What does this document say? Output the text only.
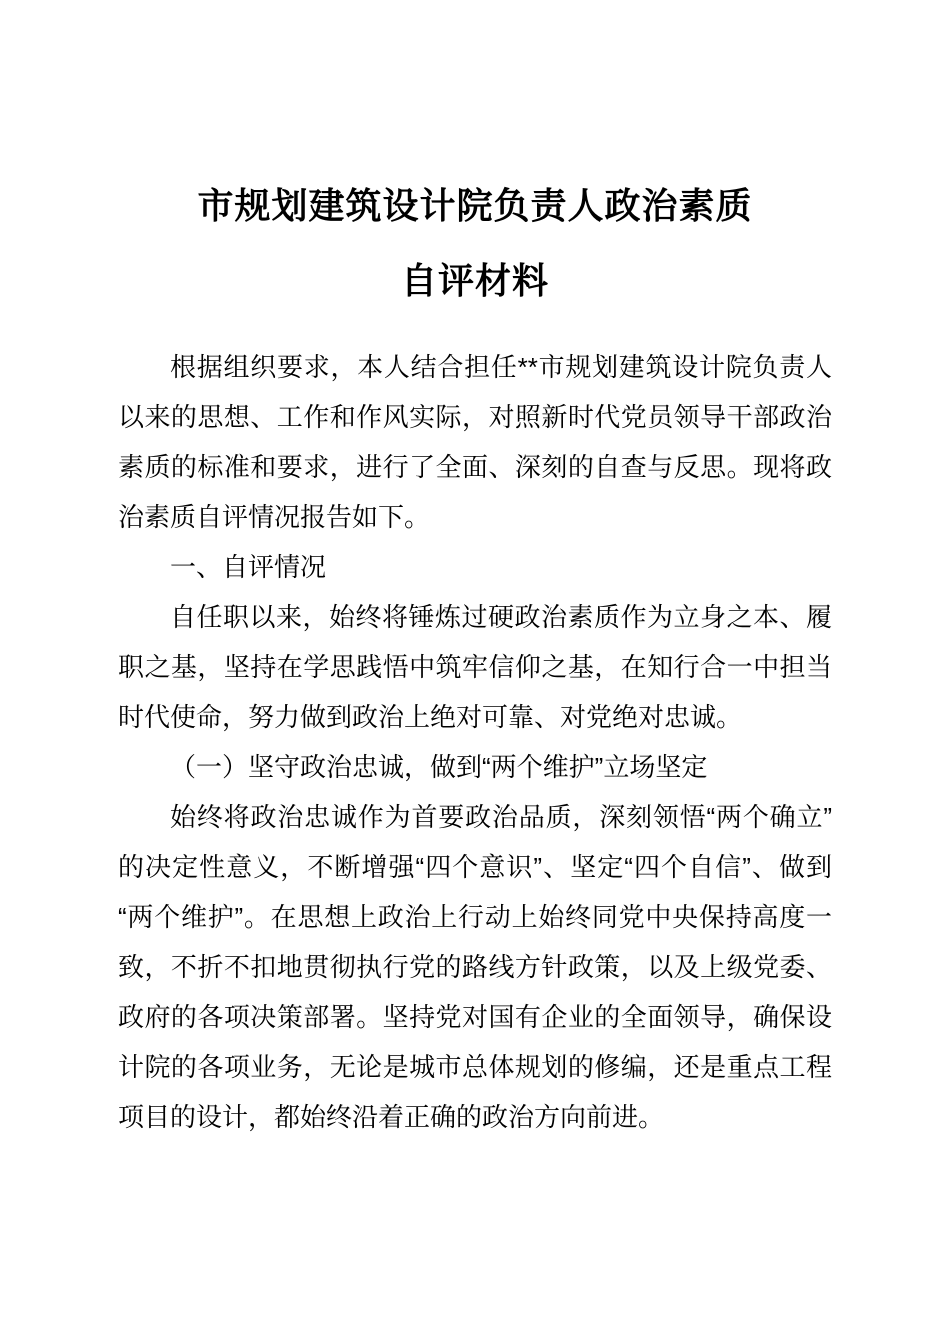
市规划建筑设计院负责人政治素质
自评材料

根据组织要求，本人结合担任**市规划建筑设计院负责人以来的思想、工作和作风实际，对照新时代党员领导干部政治素质的标准和要求，进行了全面、深刻的自查与反思。现将政治素质自评情况报告如下。

一、自评情况

自任职以来，始终将锤炼过硬政治素质作为立身之本、履职之基，坚持在学思践悟中筑牢信仰之基，在知行合一中担当时代使命，努力做到政治上绝对可靠、对党绝对忠诚。

（一）坚守政治忠诚，做到“两个维护”立场坚定

始终将政治忠诚作为首要政治品质，深刻领悟“两个确立”的决定性意义，不断增强“四个意识”、坚定“四个自信”、做到“两个维护”。在思想上政治上行动上始终同党中央保持高度一致，不折不扣地贯彻执行党的路线方针政策，以及上级党委、政府的各项决策部署。坚持党对国有企业的全面领导，确保设计院的各项业务，无论是城市总体规划的修编，还是重点工程项目的设计，都始终沿着正确的政治方向前进。
